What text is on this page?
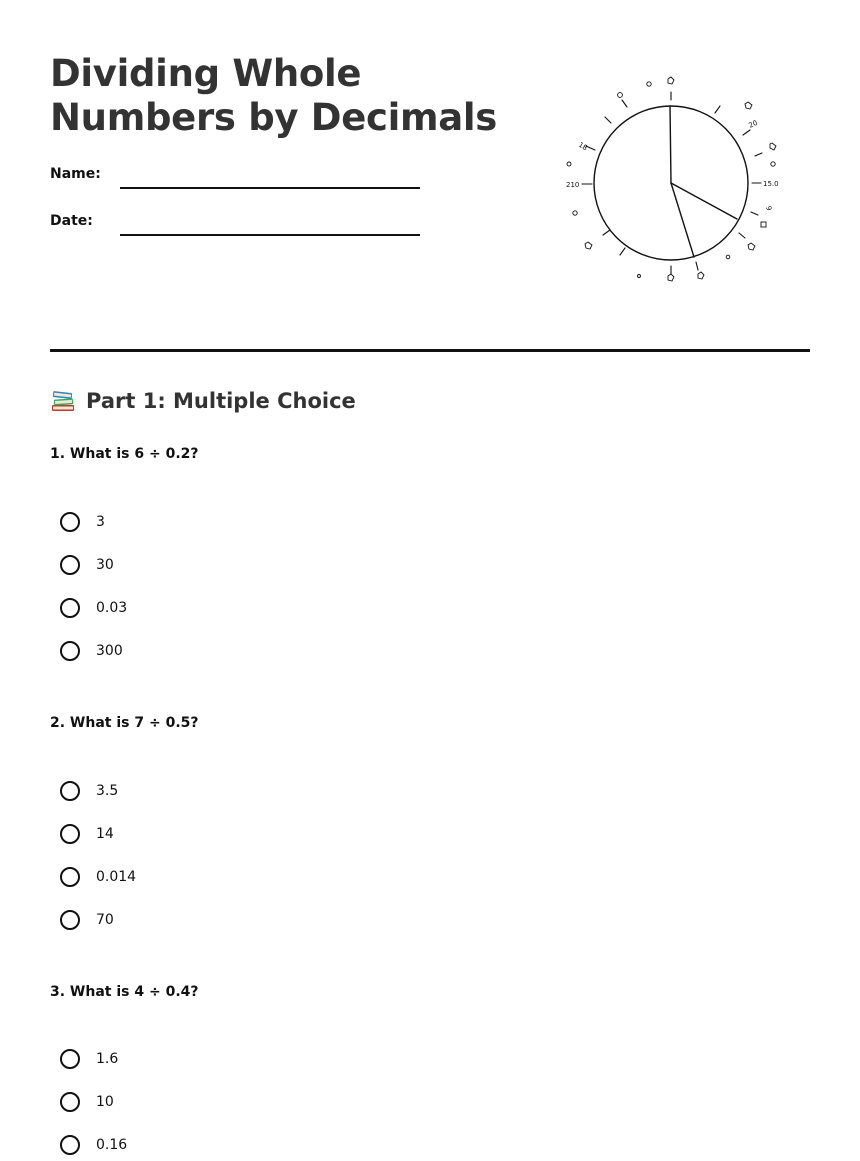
Dividing Whole
Numbers by Decimals
Name:
Date:
18
20
15.0
210
9
Part 1: Multiple Choice
1. What is 6 ÷ 0.2?
3
30
0.03
300
2. What is 7 ÷ 0.5?
3.5
14
0.014
70
3. What is 4 ÷ 0.4?
1.6
10
0.16
